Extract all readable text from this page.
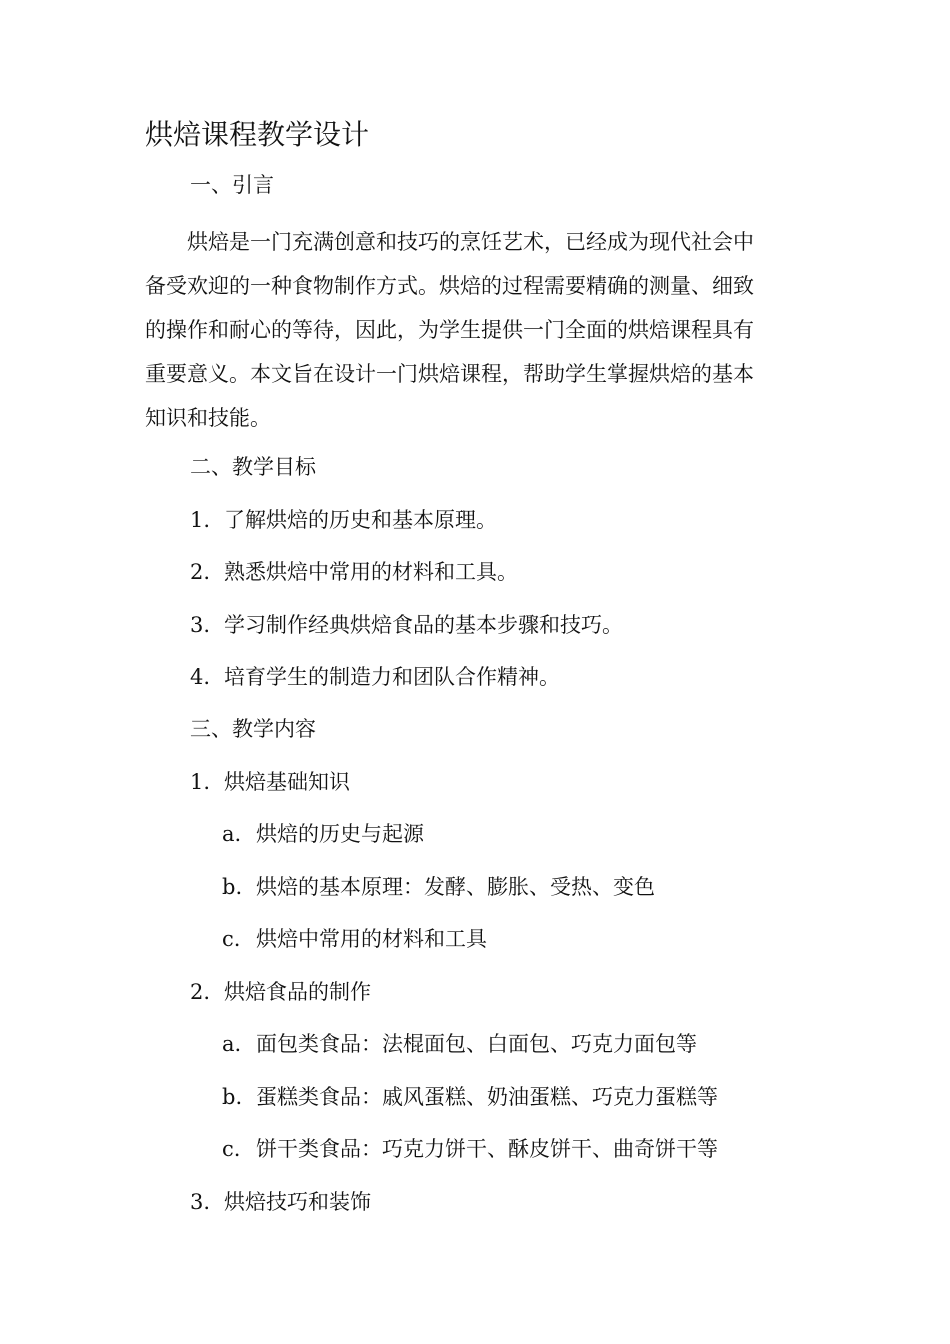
烘焙课程教学设计

一、引言

　　烘焙是一门充满创意和技巧的烹饪艺术，已经成为现代社会中
备受欢迎的一种食物制作方式。烘焙的过程需要精确的测量、细致
的操作和耐心的等待，因此，为学生提供一门全面的烘焙课程具有
重要意义。本文旨在设计一门烘焙课程，帮助学生掌握烘焙的基本
知识和技能。

二、教学目标

1. 了解烘焙的历史和基本原理。

2. 熟悉烘焙中常用的材料和工具。

3. 学习制作经典烘焙食品的基本步骤和技巧。

4. 培育学生的制造力和团队合作精神。

三、教学内容

1. 烘焙基础知识

a. 烘焙的历史与起源

b. 烘焙的基本原理：发酵、膨胀、受热、变色

c. 烘焙中常用的材料和工具

2. 烘焙食品的制作

a. 面包类食品：法棍面包、白面包、巧克力面包等

b. 蛋糕类食品：戚风蛋糕、奶油蛋糕、巧克力蛋糕等

c. 饼干类食品：巧克力饼干、酥皮饼干、曲奇饼干等

3. 烘焙技巧和装饰
